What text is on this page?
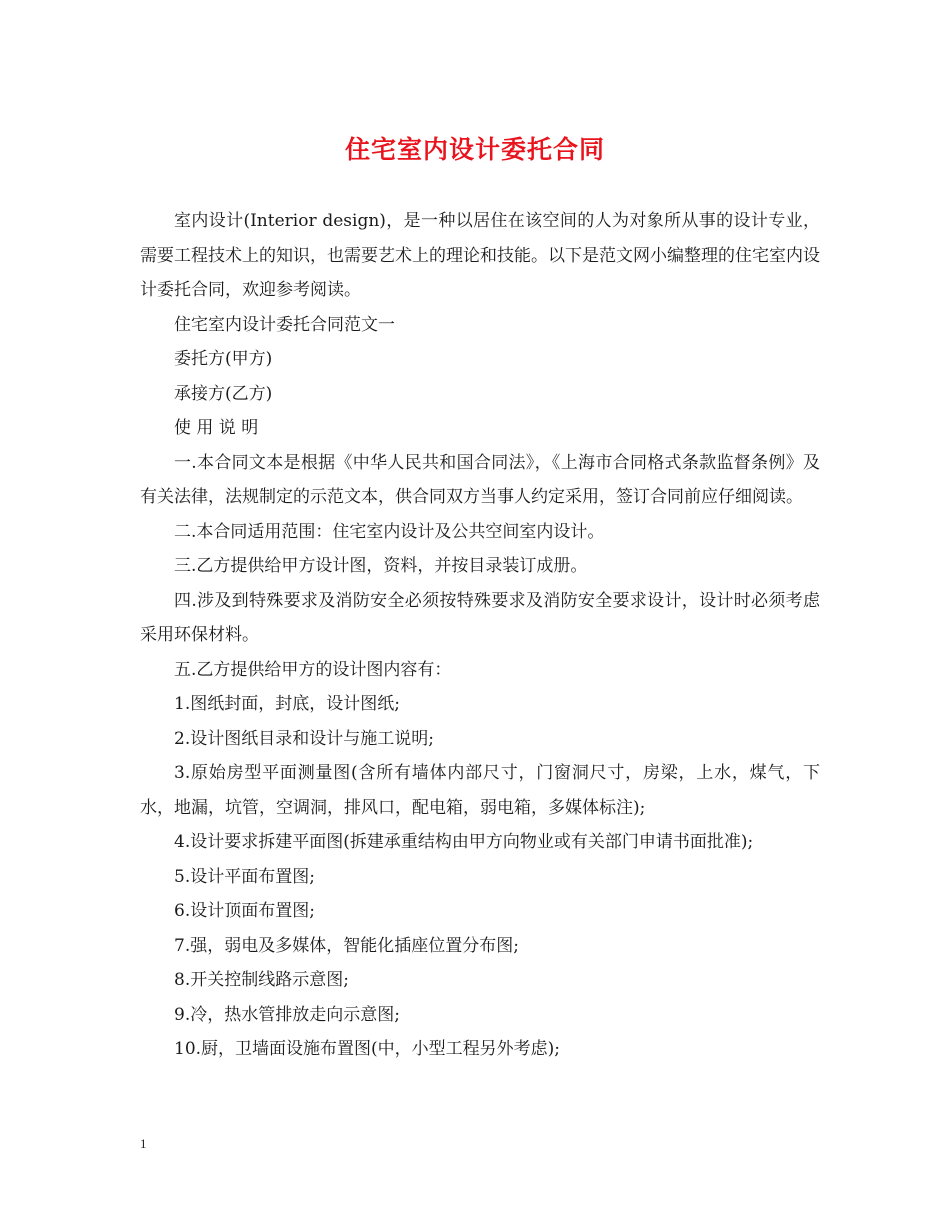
住宅室内设计委托合同

室内设计(Interior design)，是一种以居住在该空间的人为对象所从事的设计专业，需要工程技术上的知识，也需要艺术上的理论和技能。以下是范文网小编整理的住宅室内设计委托合同，欢迎参考阅读。

住宅室内设计委托合同范文一

委托方(甲方)

承接方(乙方)

使 用 说 明

一.本合同文本是根据《中华人民共和国合同法》，《上海市合同格式条款监督条例》及有关法律，法规制定的示范文本，供合同双方当事人约定采用，签订合同前应仔细阅读。

二.本合同适用范围：住宅室内设计及公共空间室内设计。

三.乙方提供给甲方设计图，资料，并按目录装订成册。

四.涉及到特殊要求及消防安全必须按特殊要求及消防安全要求设计，设计时必须考虑采用环保材料。

五.乙方提供给甲方的设计图内容有：

1.图纸封面，封底，设计图纸;

2.设计图纸目录和设计与施工说明;

3.原始房型平面测量图(含所有墙体内部尺寸，门窗洞尺寸，房梁，上水，煤气，下水，地漏，坑管，空调洞，排风口，配电箱，弱电箱，多媒体标注);

4.设计要求拆建平面图(拆建承重结构由甲方向物业或有关部门申请书面批准);

5.设计平面布置图;

6.设计顶面布置图;

7.强，弱电及多媒体，智能化插座位置分布图;

8.开关控制线路示意图;

9.冷，热水管排放走向示意图;

10.厨，卫墙面设施布置图(中，小型工程另外考虑);

1
